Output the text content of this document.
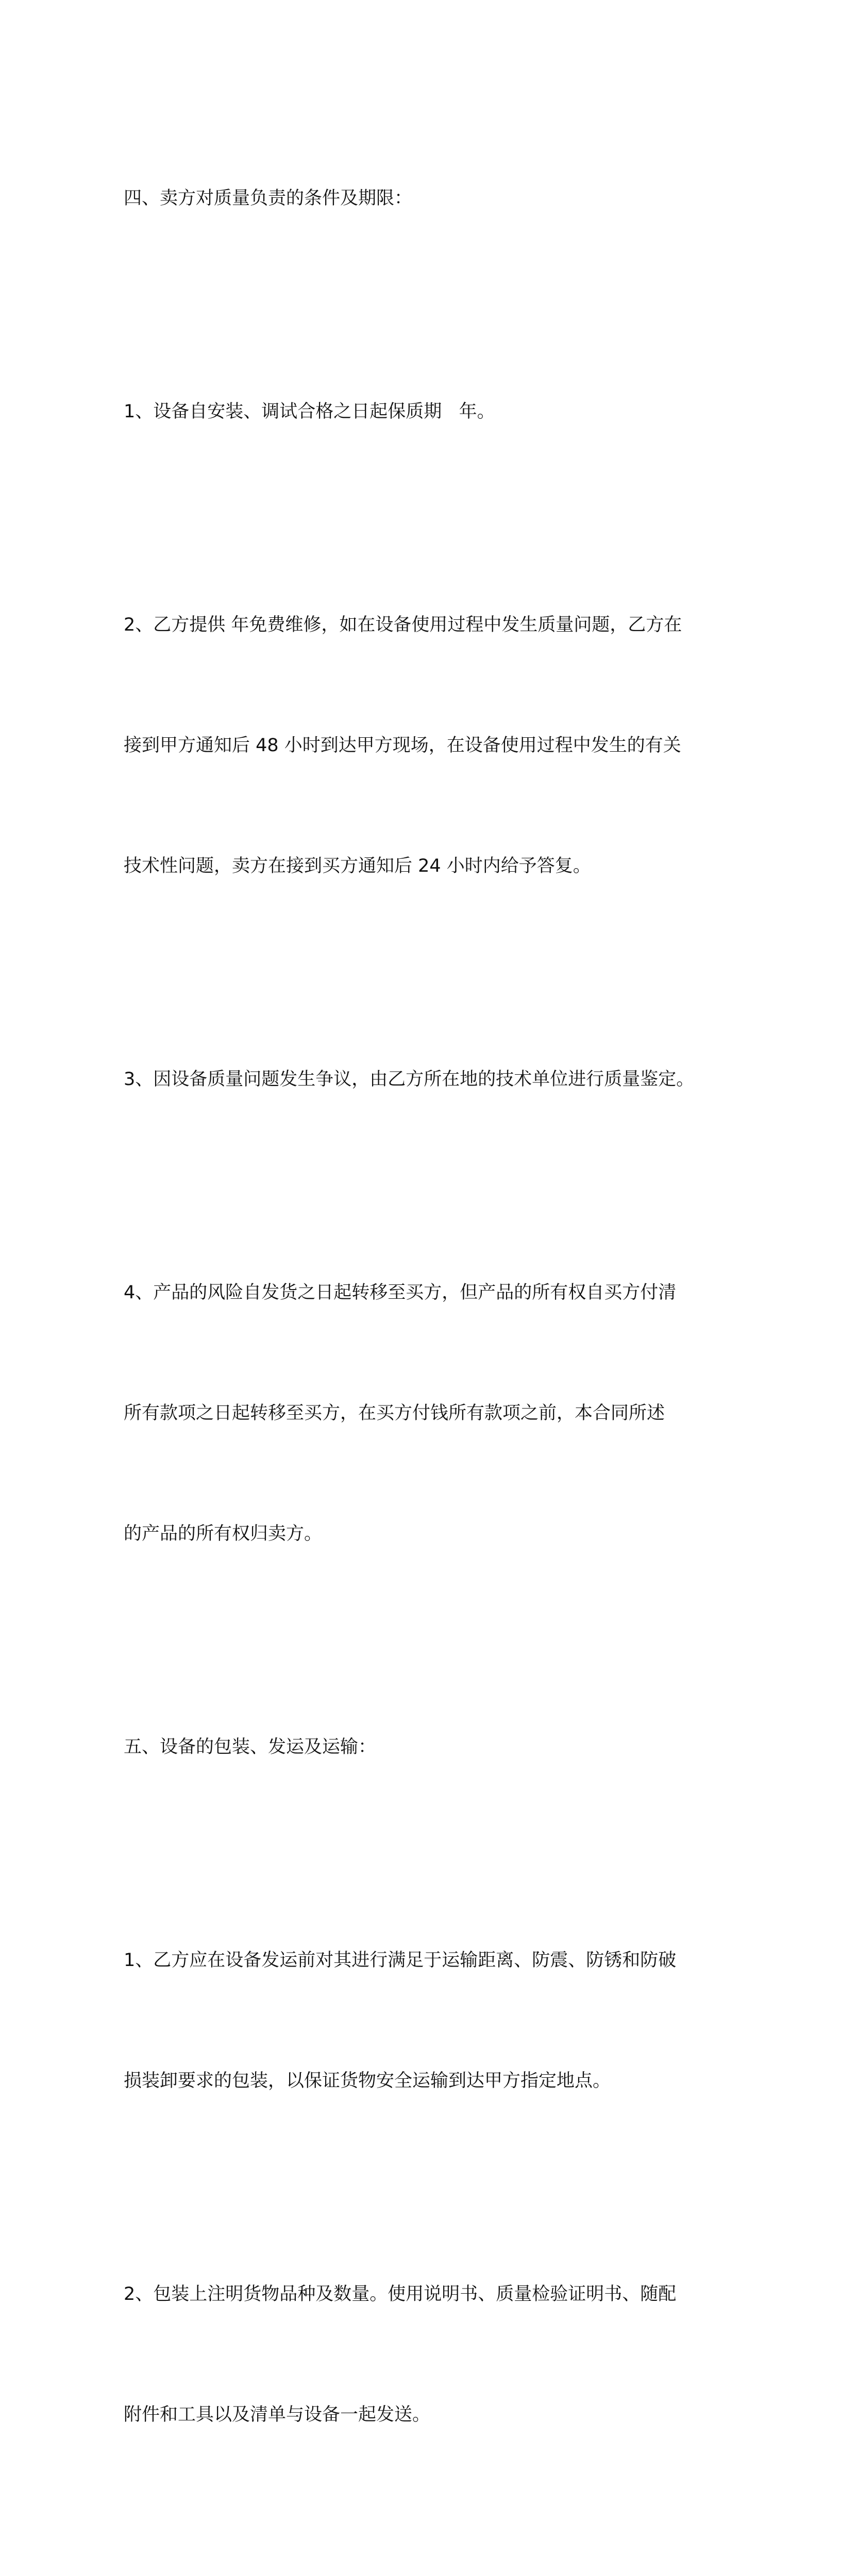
四、卖方对质量负责的条件及期限：

1、设备自安装、调试合格之日起保质期   年。

2、乙方提供 年免费维修，如在设备使用过程中发生质量问题，乙方在

接到甲方通知后 48 小时到达甲方现场，在设备使用过程中发生的有关

技术性问题，卖方在接到买方通知后 24 小时内给予答复。

3、因设备质量问题发生争议，由乙方所在地的技术单位进行质量鉴定。

4、产品的风险自发货之日起转移至买方，但产品的所有权自买方付清

所有款项之日起转移至买方，在买方付钱所有款项之前，本合同所述

的产品的所有权归卖方。

五、设备的包装、发运及运输：

1、乙方应在设备发运前对其进行满足于运输距离、防震、防锈和防破

损装卸要求的包装，以保证货物安全运输到达甲方指定地点。

2、包装上注明货物品种及数量。使用说明书、质量检验证明书、随配

附件和工具以及清单与设备一起发送。
